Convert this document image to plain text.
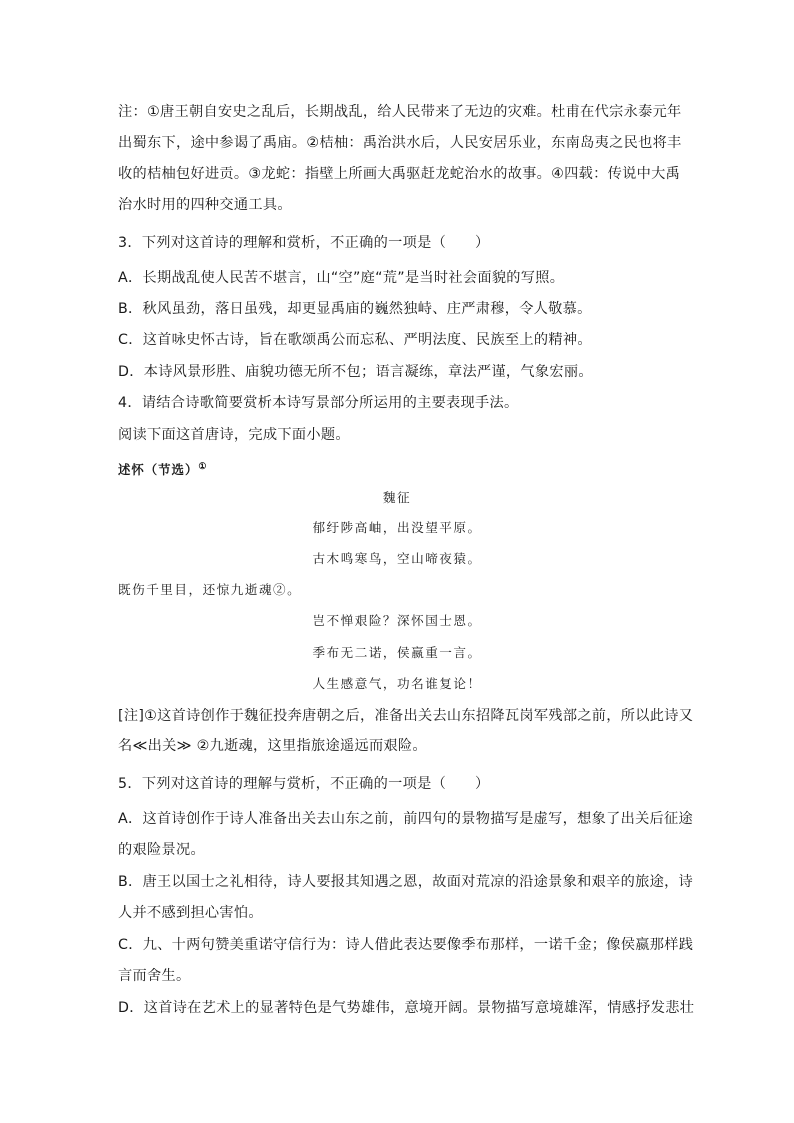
注：①唐王朝自安史之乱后，长期战乱，给人民带来了无边的灾难。杜甫在代宗永泰元年
出蜀东下，途中参谒了禹庙。②桔柚：禹治洪水后，人民安居乐业，东南岛夷之民也将丰
收的桔柚包好进贡。③龙蛇：指壁上所画大禹驱赶龙蛇治水的故事。④四载：传说中大禹
治水时用的四种交通工具。
3．下列对这首诗的理解和赏析，不正确的一项是（　　）
A．长期战乱使人民苦不堪言，山“空”庭“荒”是当时社会面貌的写照。
B．秋风虽劲，落日虽残，却更显禹庙的巍然独峙、庄严肃穆，令人敬慕。
C．这首咏史怀古诗，旨在歌颂禹公而忘私、严明法度、民族至上的精神。
D．本诗风景形胜、庙貌功德无所不包；语言凝练，章法严谨，气象宏丽。
4．请结合诗歌简要赏析本诗写景部分所运用的主要表现手法。
阅读下面这首唐诗，完成下面小题。
述怀（节选）①
魏征
郁纡陟高岫，出没望平原。
古木鸣寒鸟，空山啼夜猿。
既伤千里目，还惊九逝魂②。
岂不惮艰险？深怀国士恩。
季布无二诺，侯嬴重一言。
人生感意气，功名谁复论！
[注]①这首诗创作于魏征投奔唐朝之后，准备出关去山东招降瓦岗军残部之前，所以此诗又
名≪出关≫ ②九逝魂，这里指旅途遥远而艰险。
5．下列对这首诗的理解与赏析，不正确的一项是（　　）
A．这首诗创作于诗人准备出关去山东之前，前四句的景物描写是虚写，想象了出关后征途
的艰险景况。
B．唐王以国士之礼相待，诗人要报其知遇之恩，故面对荒凉的沿途景象和艰辛的旅途，诗
人并不感到担心害怕。
C．九、十两句赞美重诺守信行为：诗人借此表达要像季布那样，一诺千金；像侯嬴那样践
言而舍生。
D．这首诗在艺术上的显著特色是气势雄伟，意境开阔。景物描写意境雄浑，情感抒发悲壮
